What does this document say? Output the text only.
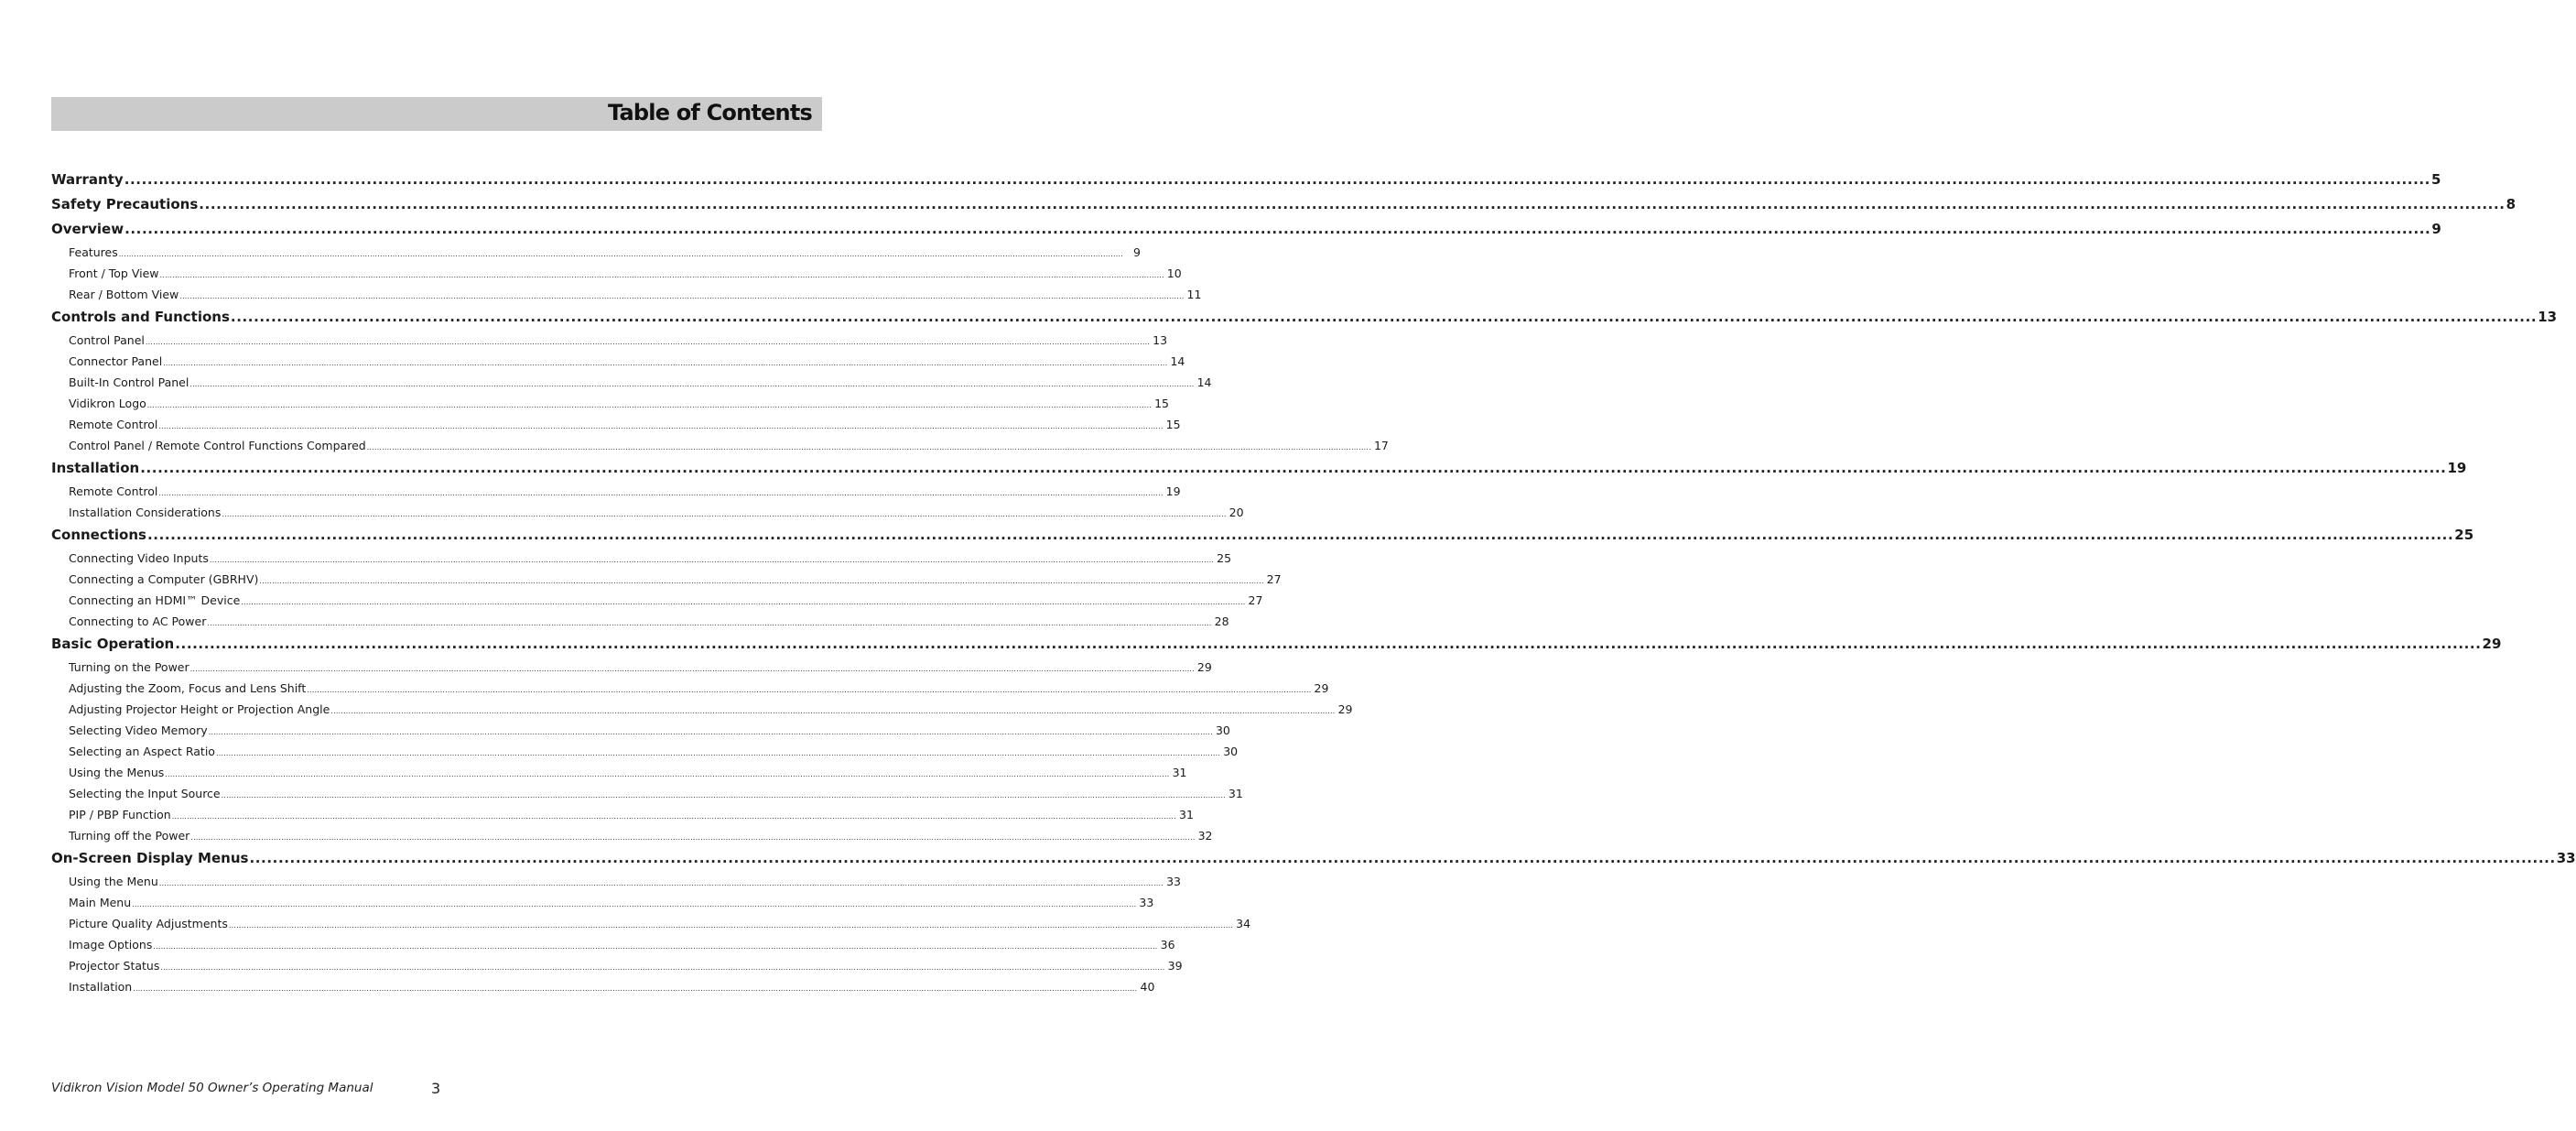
Table of Contents
Warranty ................................................................................................................................................................................................................................................................................................................................................................................................................ 5
Safety Precautions ................................................................................................................................................................................................................................................................................................................................................................................................................ 8
Overview ................................................................................................................................................................................................................................................................................................................................................................................................................ 9
Features ................................................................................................................................................................................................................................................................................................................................................................................................................ 9
Front / Top View ................................................................................................................................................................................................................................................................................................................................................................................................................ 10
Rear / Bottom View ................................................................................................................................................................................................................................................................................................................................................................................................................ 11
Controls and Functions ................................................................................................................................................................................................................................................................................................................................................................................................................ 13
Control Panel ................................................................................................................................................................................................................................................................................................................................................................................................................ 13
Connector Panel ................................................................................................................................................................................................................................................................................................................................................................................................................ 14
Built-In Control Panel ................................................................................................................................................................................................................................................................................................................................................................................................................ 14
Vidikron Logo ................................................................................................................................................................................................................................................................................................................................................................................................................ 15
Remote Control ................................................................................................................................................................................................................................................................................................................................................................................................................ 15
Control Panel / Remote Control Functions Compared ................................................................................................................................................................................................................................................................................................................................................................................................................ 17
Installation ................................................................................................................................................................................................................................................................................................................................................................................................................ 19
Remote Control ................................................................................................................................................................................................................................................................................................................................................................................................................ 19
Installation Considerations ................................................................................................................................................................................................................................................................................................................................................................................................................ 20
Connections ................................................................................................................................................................................................................................................................................................................................................................................................................ 25
Connecting Video Inputs ................................................................................................................................................................................................................................................................................................................................................................................................................ 25
Connecting a Computer (GBRHV) ................................................................................................................................................................................................................................................................................................................................................................................................................ 27
Connecting an HDMI™ Device ................................................................................................................................................................................................................................................................................................................................................................................................................ 27
Connecting to AC Power ................................................................................................................................................................................................................................................................................................................................................................................................................ 28
Basic Operation ................................................................................................................................................................................................................................................................................................................................................................................................................ 29
Turning on the Power ................................................................................................................................................................................................................................................................................................................................................................................................................ 29
Adjusting the Zoom, Focus and Lens Shift ................................................................................................................................................................................................................................................................................................................................................................................................................ 29
Adjusting Projector Height or Projection Angle ................................................................................................................................................................................................................................................................................................................................................................................................................ 29
Selecting Video Memory ................................................................................................................................................................................................................................................................................................................................................................................................................ 30
Selecting an Aspect Ratio ................................................................................................................................................................................................................................................................................................................................................................................................................ 30
Using the Menus ................................................................................................................................................................................................................................................................................................................................................................................................................ 31
Selecting the Input Source ................................................................................................................................................................................................................................................................................................................................................................................................................ 31
PIP / PBP Function ................................................................................................................................................................................................................................................................................................................................................................................................................ 31
Turning off the Power ................................................................................................................................................................................................................................................................................................................................................................................................................ 32
On-Screen Display Menus ................................................................................................................................................................................................................................................................................................................................................................................................................ 33
Using the Menu ................................................................................................................................................................................................................................................................................................................................................................................................................ 33
Main Menu ................................................................................................................................................................................................................................................................................................................................................................................................................ 33
Picture Quality Adjustments ................................................................................................................................................................................................................................................................................................................................................................................................................ 34
Image Options ................................................................................................................................................................................................................................................................................................................................................................................................................ 36
Projector Status ................................................................................................................................................................................................................................................................................................................................................................................................................ 39
Installation ................................................................................................................................................................................................................................................................................................................................................................................................................ 40
Vidikron Vision Model 50 Owner’s Operating Manual	3
